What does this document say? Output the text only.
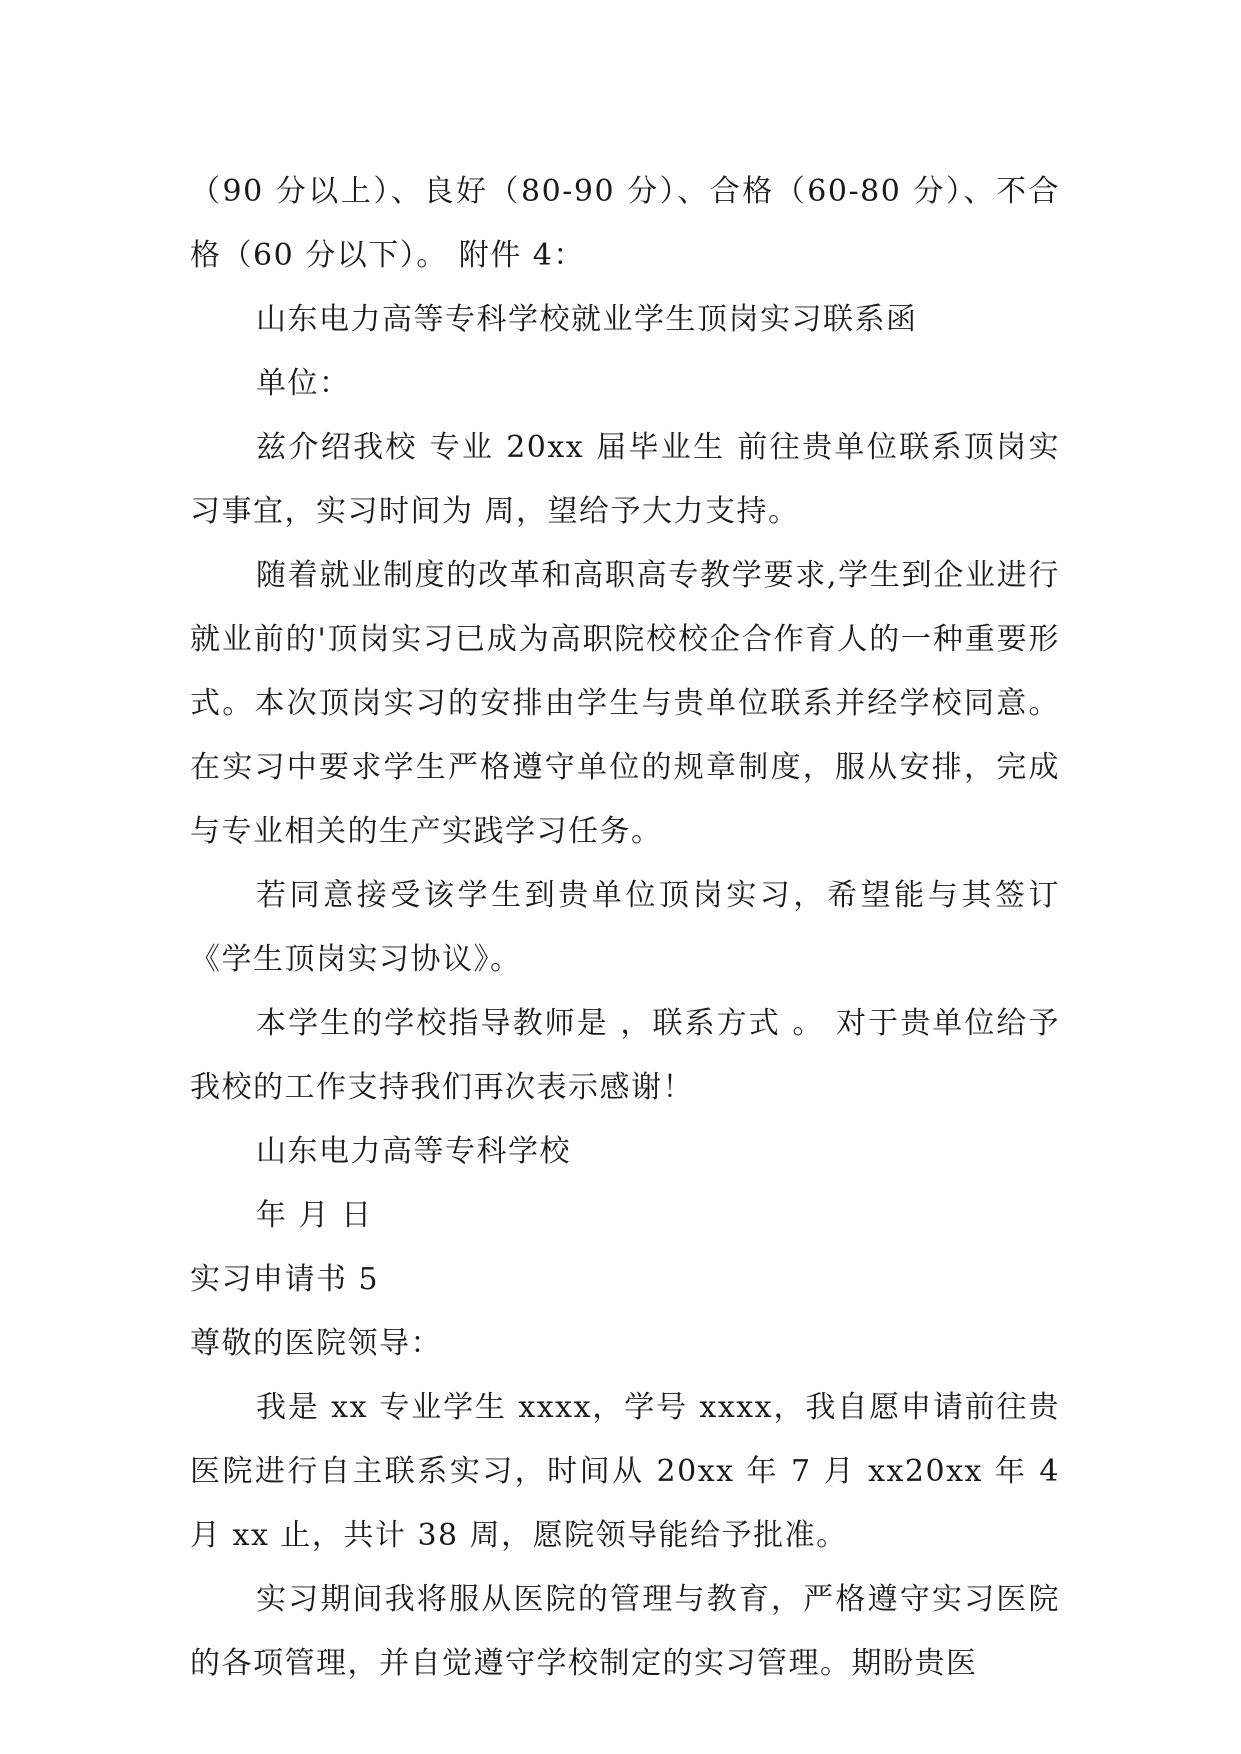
（90 分以上）、良好（80-90 分）、合格（60-80 分）、不合格（60 分以下）。 附件 4：

山东电力高等专科学校就业学生顶岗实习联系函

单位：

兹介绍我校 专业 20xx 届毕业生 前往贵单位联系顶岗实习事宜，实习时间为 周，望给予大力支持。

随着就业制度的改革和高职高专教学要求,学生到企业进行就业前的'顶岗实习已成为高职院校校企合作育人的一种重要形式。本次顶岗实习的安排由学生与贵单位联系并经学校同意。在实习中要求学生严格遵守单位的规章制度，服从安排，完成与专业相关的生产实践学习任务。

若同意接受该学生到贵单位顶岗实习，希望能与其签订《学生顶岗实习协议》。

本学生的学校指导教师是 ，联系方式 。 对于贵单位给予我校的工作支持我们再次表示感谢！

山东电力高等专科学校

年 月 日

实习申请书 5

尊敬的医院领导：

我是 xx 专业学生 xxxx，学号 xxxx，我自愿申请前往贵医院进行自主联系实习，时间从 20xx 年 7 月 xx20xx 年 4 月 xx 止，共计 38 周，愿院领导能给予批准。

实习期间我将服从医院的管理与教育，严格遵守实习医院的各项管理，并自觉遵守学校制定的实习管理。期盼贵医
